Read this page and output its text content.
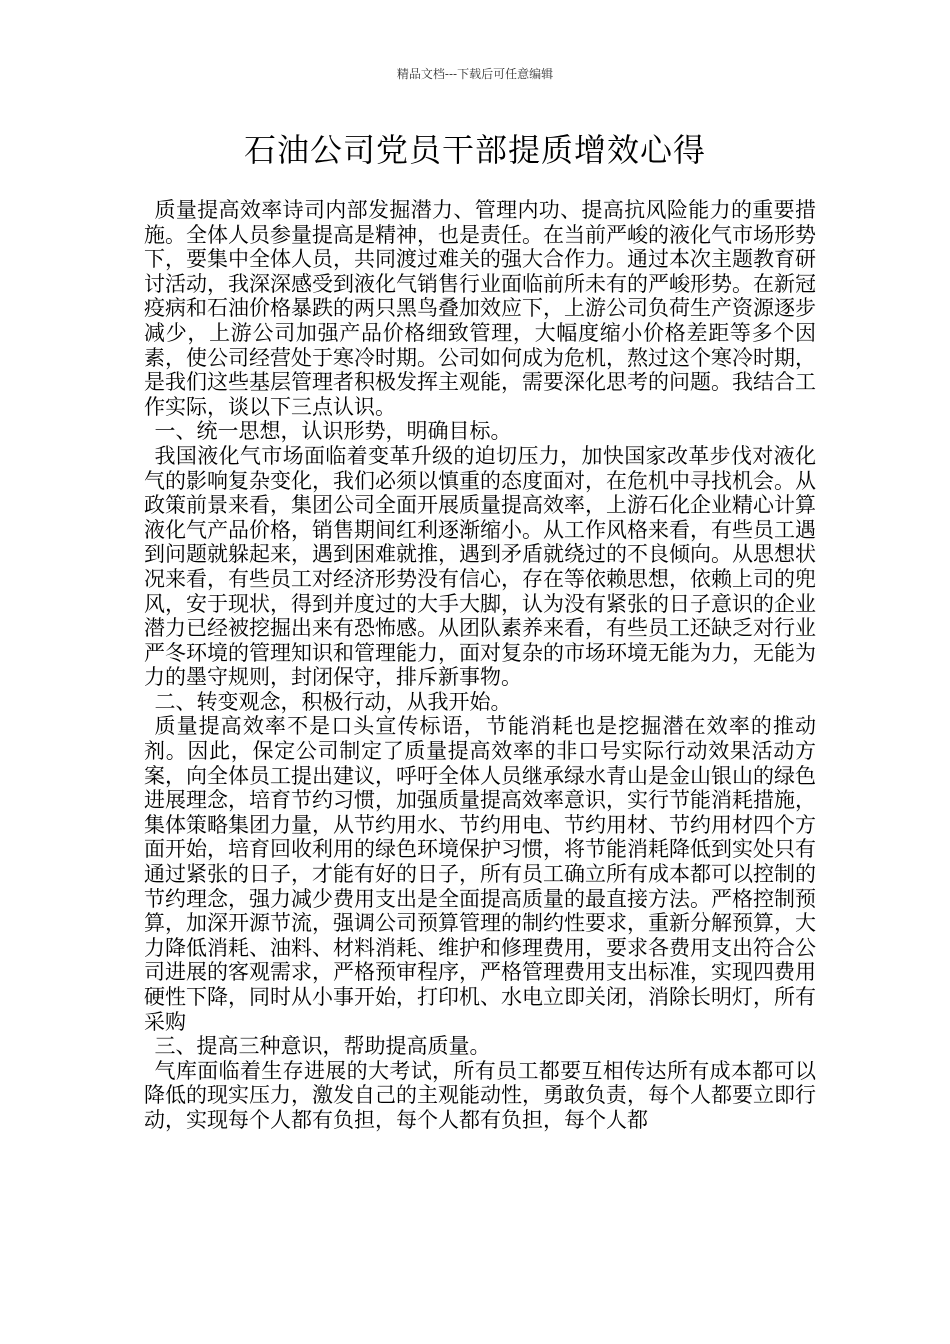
精品文档---下载后可任意编辑
石油公司党员干部提质增效心得

质量提高效率诗司内部发掘潜力、管理内功、提高抗风险能力的重要措施。全体人员参量提高是精神，也是责任。在当前严峻的液化气市场形势下，要集中全体人员，共同渡过难关的强大合作力。通过本次主题教育研讨活动，我深深感受到液化气销售行业面临前所未有的严峻形势。在新冠疫病和石油价格暴跌的两只黑鸟叠加效应下，上游公司负荷生产资源逐步减少，上游公司加强产品价格细致管理，大幅度缩小价格差距等多个因素，使公司经营处于寒冷时期。公司如何成为危机，熬过这个寒冷时期，是我们这些基层管理者积极发挥主观能，需要深化思考的问题。我结合工作实际，谈以下三点认识。

一、统一思想，认识形势，明确目标。

我国液化气市场面临着变革升级的迫切压力，加快国家改革步伐对液化气的影响复杂变化，我们必须以慎重的态度面对，在危机中寻找机会。从政策前景来看，集团公司全面开展质量提高效率，上游石化企业精心计算液化气产品价格，销售期间红利逐渐缩小。从工作风格来看，有些员工遇到问题就躲起来，遇到困难就推，遇到矛盾就绕过的不良倾向。从思想状况来看，有些员工对经济形势没有信心，存在等依赖思想，依赖上司的兜风，安于现状，得到并度过的大手大脚，认为没有紧张的日子意识的企业潜力已经被挖掘出来有恐怖感。从团队素养来看，有些员工还缺乏对行业严冬环境的管理知识和管理能力，面对复杂的市场环境无能为力，无能为力的墨守规则，封闭保守，排斥新事物。

二、转变观念，积极行动，从我开始。

质量提高效率不是口头宣传标语，节能消耗也是挖掘潜在效率的推动剂。因此，保定公司制定了质量提高效率的非口号实际行动效果活动方案，向全体员工提出建议，呼吁全体人员继承绿水青山是金山银山的绿色进展理念，培育节约习惯，加强质量提高效率意识，实行节能消耗措施，集体策略集团力量，从节约用水、节约用电、节约用材、节约用材四个方面开始，培育回收利用的绿色环境保护习惯，将节能消耗降低到实处只有通过紧张的日子，才能有好的日子，所有员工确立所有成本都可以控制的节约理念，强力减少费用支出是全面提高质量的最直接方法。严格控制预算，加深开源节流，强调公司预算管理的制约性要求，重新分解预算，大力降低消耗、油料、材料消耗、维护和修理费用，要求各费用支出符合公司进展的客观需求，严格预审程序，严格管理费用支出标准，实现四费用硬性下降，同时从小事开始，打印机、水电立即关闭，消除长明灯，所有采购

三、提高三种意识，帮助提高质量。

气库面临着生存进展的大考试，所有员工都要互相传达所有成本都可以降低的现实压力，激发自己的主观能动性，勇敢负责，每个人都要立即行动，实现每个人都有负担，每个人都有负担，每个人都
